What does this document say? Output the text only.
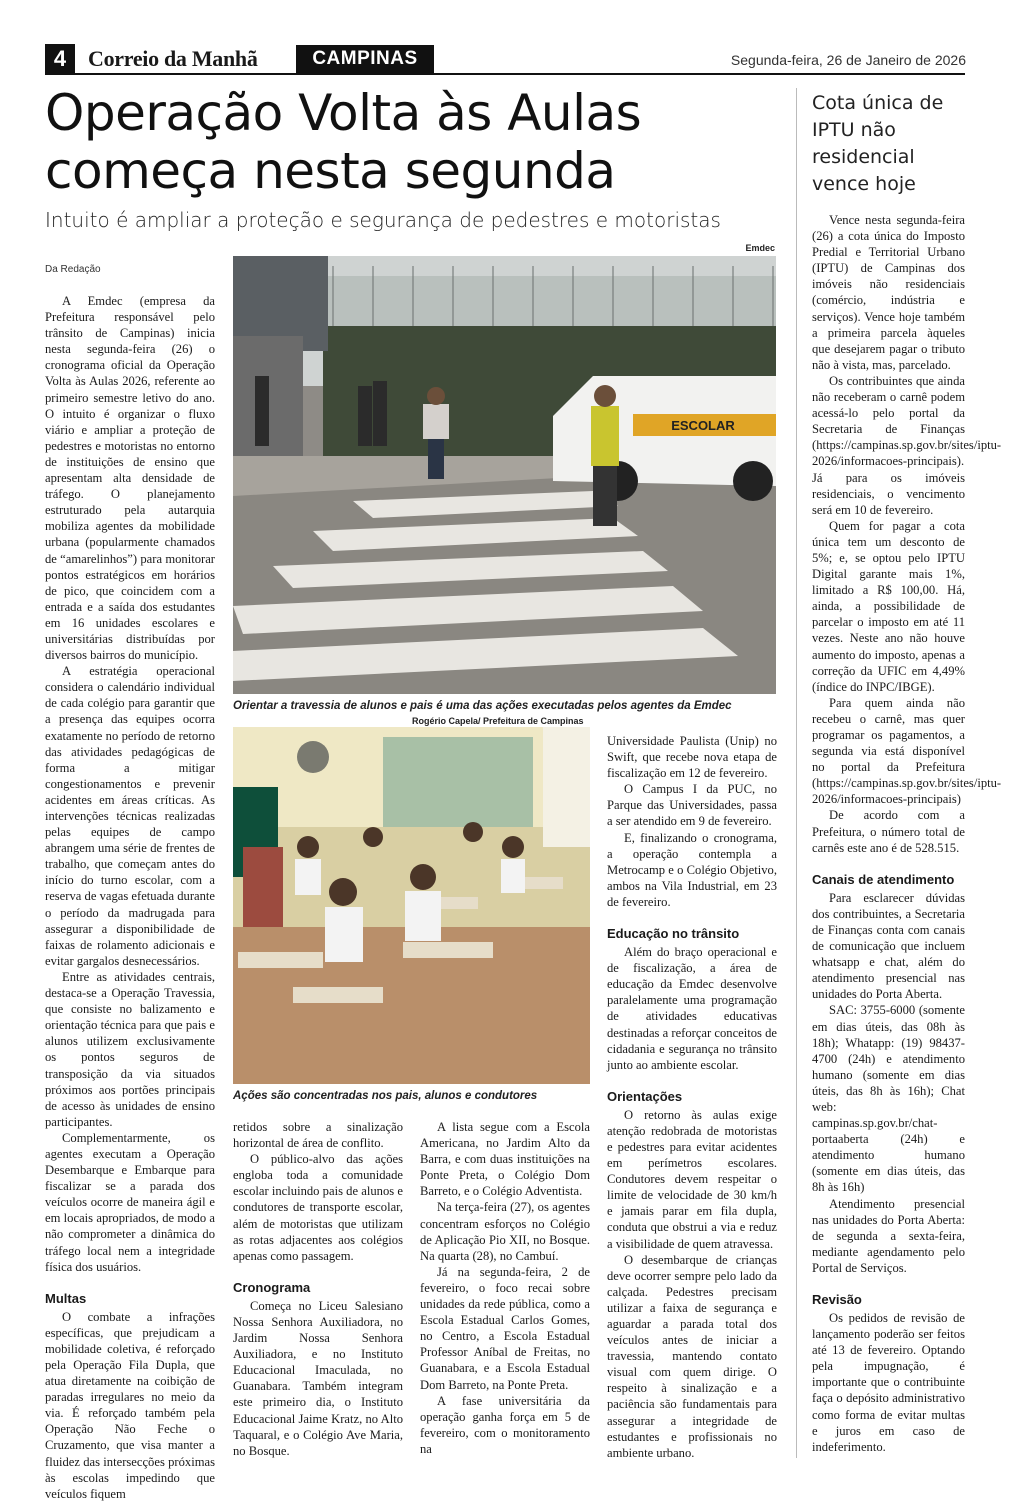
4 Correio da Manhã	CAMPINAS	Segunda-feira, 26 de Janeiro de 2026
Operação Volta às Aulas
começa nesta segunda
Intuito é ampliar a proteção e segurança de pedestres e motoristas
Emdec
ESCOLAR
Orientar a travessia de alunos e pais é uma das ações executadas pelos agentes da Emdec
Rogério Capela/ Prefeitura de Campinas
Ações são concentradas nos pais, alunos e condutores
Da Redação

A Emdec (empresa da Prefeitura responsável pelo trânsito de Campinas) inicia nesta segunda-feira (26) o cronograma oficial da Operação Volta às Aulas 2026, referente ao primeiro semestre letivo do ano. O intuito é organizar o fluxo viário e ampliar a proteção de pedestres e motoristas no entorno de instituições de ensino que apresentam alta densidade de tráfego. O planejamento estruturado pela autarquia mobiliza agentes da mobilidade urbana (popularmente chamados de “amarelinhos”) para monitorar pontos estratégicos em horários de pico, que coincidem com a entrada e a saída dos estudantes em 16 unidades escolares e universitárias distribuídas por diversos bairros do município.

A estratégia operacional considera o calendário individual de cada colégio para garantir que a presença das equipes ocorra exatamente no período de retorno das atividades pedagógicas de forma a mitigar congestionamentos e prevenir acidentes em áreas críticas. As intervenções técnicas realizadas pelas equipes de campo abrangem uma série de frentes de trabalho, que começam antes do início do turno escolar, com a reserva de vagas efetuada durante o período da madrugada para assegurar a disponibilidade de faixas de rolamento adicionais e evitar gargalos desnecessários.

Entre as atividades centrais, destaca-se a Operação Travessia, que consiste no balizamento e orientação técnica para que pais e alunos utilizem exclusivamente os pontos seguros de transposição da via situados próximos aos portões principais de acesso às unidades de ensino participantes.

Complementarmente, os agentes executam a Operação Desembarque e Embarque para fiscalizar se a parada dos veículos ocorre de maneira ágil e em locais apropriados, de modo a não comprometer a dinâmica do tráfego local nem a integridade física dos usuários.

Multas

O combate a infrações específicas, que prejudicam a mobilidade coletiva, é reforçado pela Operação Fila Dupla, que atua diretamente na coibição de paradas irregulares no meio da via. É reforçado também pela Operação Não Feche o Cruzamento, que visa manter a fluidez das intersecções próximas às escolas impedindo que veículos fiquem

retidos sobre a sinalização horizontal de área de conflito.

O público-alvo das ações engloba toda a comunidade escolar incluindo pais de alunos e condutores de transporte escolar, além de motoristas que utilizam as rotas adjacentes aos colégios apenas como passagem.

Cronograma

Começa no Liceu Salesiano Nossa Senhora Auxiliadora, no Jardim Nossa Senhora Auxiliadora, e no Instituto Educacional Imaculada, no Guanabara. Também integram este primeiro dia, o Instituto Educacional Jaime Kratz, no Alto Taquaral, e o Colégio Ave Maria, no Bosque.

A lista segue com a Escola Americana, no Jardim Alto da Barra, e com duas instituições na Ponte Preta, o Colégio Dom Barreto, e o Colégio Adventista.

Na terça-feira (27), os agentes concentram esforços no Colégio de Aplicação Pio XII, no Bosque. Na quarta (28), no Cambuí.

Já na segunda-feira, 2 de fevereiro, o foco recai sobre unidades da rede pública, como a Escola Estadual Carlos Gomes, no Centro, a Escola Estadual Professor Aníbal de Freitas, no Guanabara, e a Escola Estadual Dom Barreto, na Ponte Preta.

A fase universitária da operação ganha força em 5 de fevereiro, com o monitoramento na

Universidade Paulista (Unip) no Swift, que recebe nova etapa de fiscalização em 12 de fevereiro.

O Campus I da PUC, no Parque das Universidades, passa a ser atendido em 9 de fevereiro.

E, finalizando o cronograma, a operação contempla a Metrocamp e o Colégio Objetivo, ambos na Vila Industrial, em 23 de fevereiro.

Educação no trânsito

Além do braço operacional e de fiscalização, a área de educação da Emdec desenvolve paralelamente uma programação de atividades educativas destinadas a reforçar conceitos de cidadania e segurança no trânsito junto ao ambiente escolar.

Orientações

O retorno às aulas exige atenção redobrada de motoristas e pedestres para evitar acidentes em perímetros escolares. Condutores devem respeitar o limite de velocidade de 30 km/h e jamais parar em fila dupla, conduta que obstrui a via e reduz a visibilidade de quem atravessa.

O desembarque de crianças deve ocorrer sempre pelo lado da calçada. Pedestres precisam utilizar a faixa de segurança e aguardar a parada total dos veículos antes de iniciar a travessia, mantendo contato visual com quem dirige. O respeito à sinalização e a paciência são fundamentais para assegurar a integridade de estudantes e profissionais no ambiente urbano.

Cota única de IPTU não residencial vence hoje

Vence nesta segunda-feira (26) a cota única do Imposto Predial e Territorial Urbano (IPTU) de Campinas dos imóveis não residenciais (comércio, indústria e serviços). Vence hoje também a primeira parcela àqueles que desejarem pagar o tributo não à vista, mas, parcelado.

Os contribuintes que ainda não receberam o carnê podem acessá-lo pelo portal da Secretaria de Finanças (https://campinas.sp.gov.br/sites/iptu-2026/informacoes-principais). Já para os imóveis residenciais, o vencimento será em 10 de fevereiro.

Quem for pagar a cota única tem um desconto de 5%; e, se optou pelo IPTU Digital garante mais 1%, limitado a R$ 100,00. Há, ainda, a possibilidade de parcelar o imposto em até 11 vezes. Neste ano não houve aumento do imposto, apenas a correção da UFIC em 4,49% (índice do INPC/IBGE).

Para quem ainda não recebeu o carnê, mas quer programar os pagamentos, a segunda via está disponível no portal da Prefeitura (https://campinas.sp.gov.br/sites/iptu-2026/informacoes-principais)

De acordo com a Prefeitura, o número total de carnês este ano é de 528.515.

Canais de atendimento

Para esclarecer dúvidas dos contribuintes, a Secretaria de Finanças conta com canais de comunicação que incluem whatsapp e chat, além do atendimento presencial nas unidades do Porta Aberta.

SAC: 3755-6000 (somente em dias úteis, das 08h às 18h); Whatapp: (19) 98437-4700 (24h) e atendimento humano (somente em dias úteis, das 8h às 16h); Chat web: campinas.sp.gov.br/chat-portaaberta (24h) e atendimento humano (somente em dias úteis, das 8h às 16h)

Atendimento presencial nas unidades do Porta Aberta: de segunda a sexta-feira, mediante agendamento pelo Portal de Serviços.

Revisão

Os pedidos de revisão de lançamento poderão ser feitos até 13 de fevereiro. Optando pela impugnação, é importante que o contribuinte faça o depósito administrativo como forma de evitar multas e juros em caso de indeferimento.
